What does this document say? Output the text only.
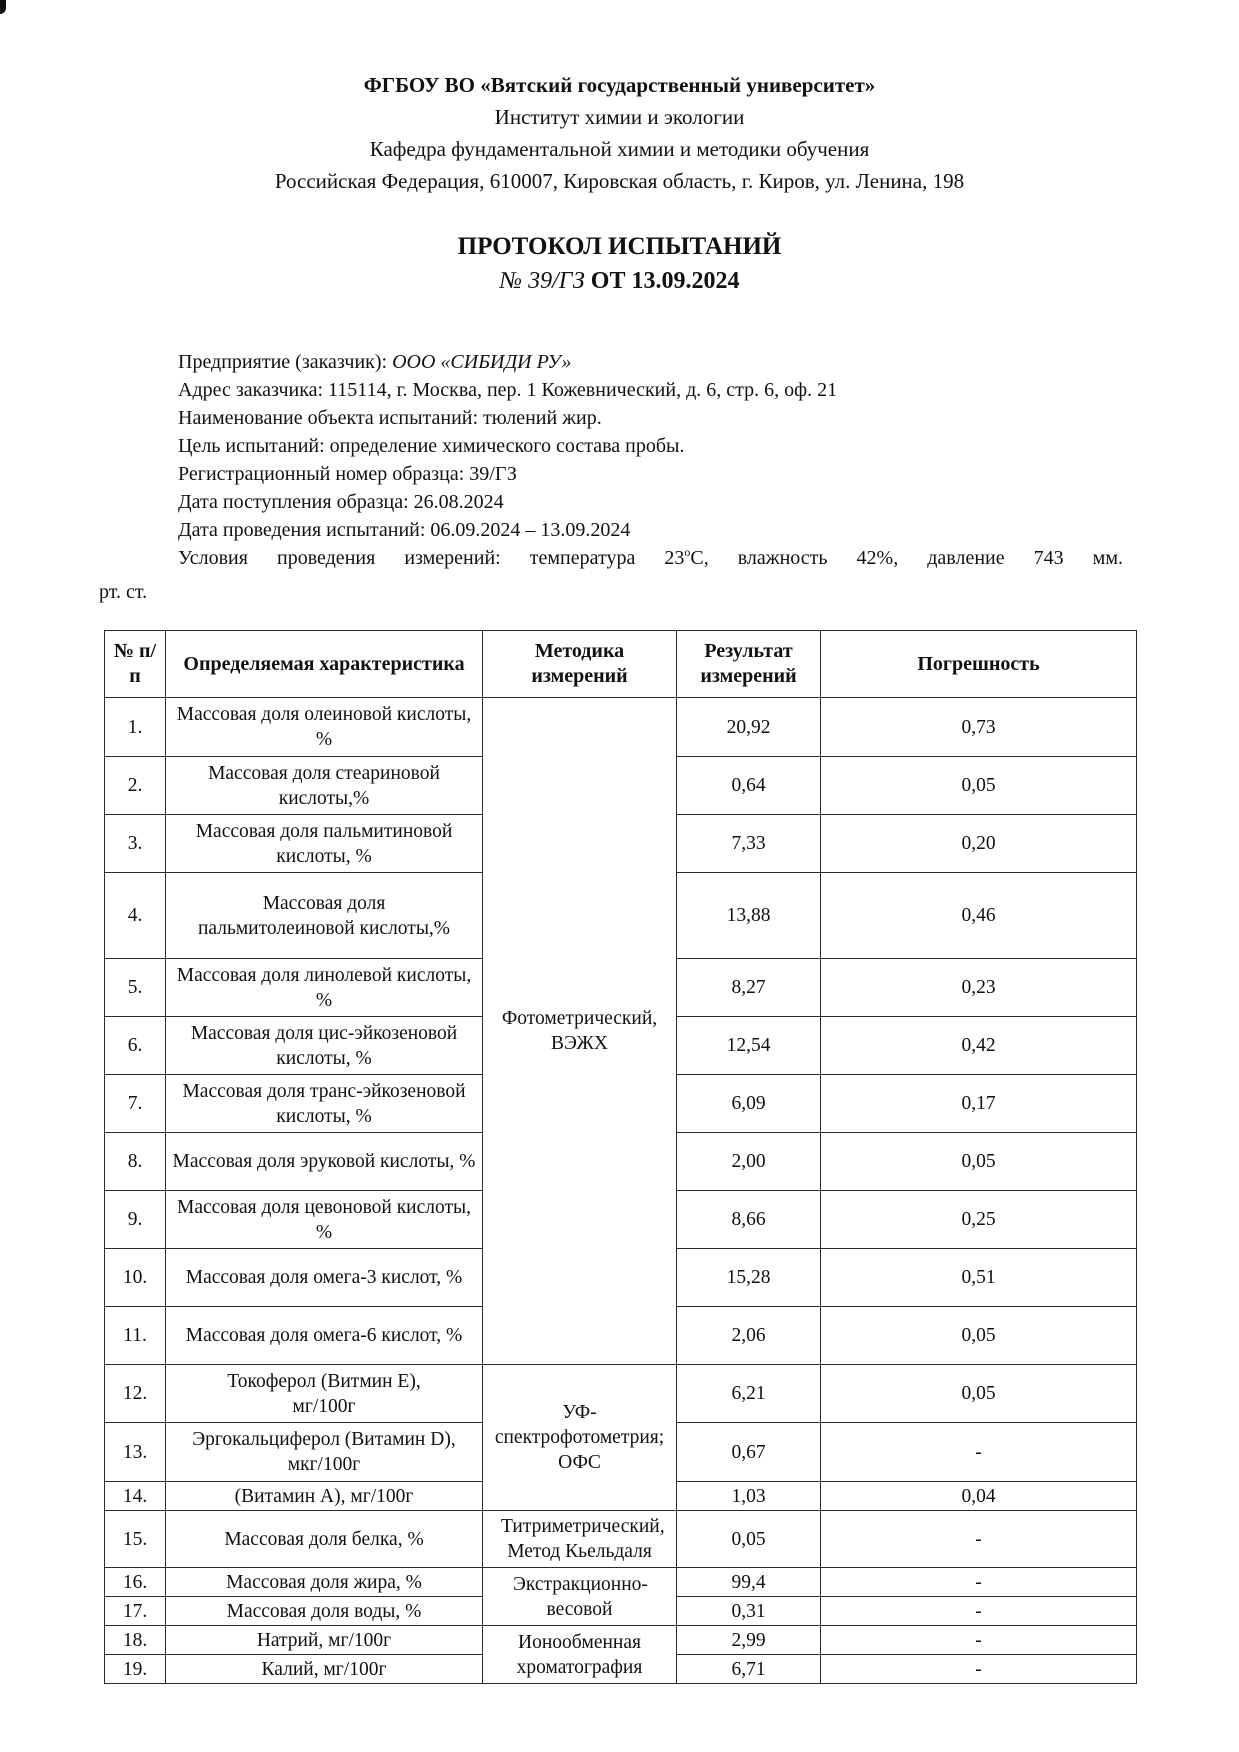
ФГБОУ ВО «Вятский государственный университет»
Институт химии и экологии
Кафедра фундаментальной химии и методики обучения
Российская Федерация, 610007, Кировская область, г. Киров, ул. Ленина, 198
ПРОТОКОЛ ИСПЫТАНИЙ
№ 39/ГЗ ОТ 13.09.2024
Предприятие (заказчик): ООО «СИБИДИ РУ»
Адрес заказчика: 115114, г. Москва, пер. 1 Кожевнический, д. 6, стр. 6, оф. 21
Наименование объекта испытаний: тюлений жир.
Цель испытаний: определение химического состава пробы.
Регистрационный номер образца: 39/ГЗ
Дата поступления образца: 26.08.2024
Дата проведения испытаний: 06.09.2024 – 13.09.2024
Условия проведения измерений: температура 23$^o$С, влажность 42%, давление 743 мм.
рт. ст.
№ п/п	Определяемая характеристика	Методика измерений	Результат измерений	Погрешность
1.	Массовая доля олеиновой кислоты, %	Фотометрический, ВЭЖХ	20,92	0,73
2.	Массовая доля стеариновой кислоты,%		0,64	0,05
3.	Массовая доля пальмитиновой кислоты, %		7,33	0,20
4.	Массовая доля пальмитолеиновой кислоты,%		13,88	0,46
5.	Массовая доля линолевой кислоты, %		8,27	0,23
6.	Массовая доля цис-эйкозеновой кислоты, %		12,54	0,42
7.	Массовая доля транс-эйкозеновой кислоты, %		6,09	0,17
8.	Массовая доля эруковой кислоты, %		2,00	0,05
9.	Массовая доля цевоновой кислоты, %		8,66	0,25
10.	Массовая доля омега-3 кислот, %		15,28	0,51
11.	Массовая доля омега-6 кислот, %		2,06	0,05
12.	Токоферол (Витмин Е), мг/100г	УФ-спектрофотометрия; ОФС	6,21	0,05
13.	Эргокальциферол (Витамин D), мкг/100г		0,67	-
14.	(Витамин А), мг/100г		1,03	0,04
15.	Массовая доля белка, %	Титриметрический, Метод Кьельдаля	0,05	-
16.	Массовая доля жира, %	Экстракционно-весовой	99,4	-
17.	Массовая доля воды, %		0,31	-
18.	Натрий, мг/100г	Ионообменная хроматография	2,99	-
19.	Калий, мг/100г		6,71	-
